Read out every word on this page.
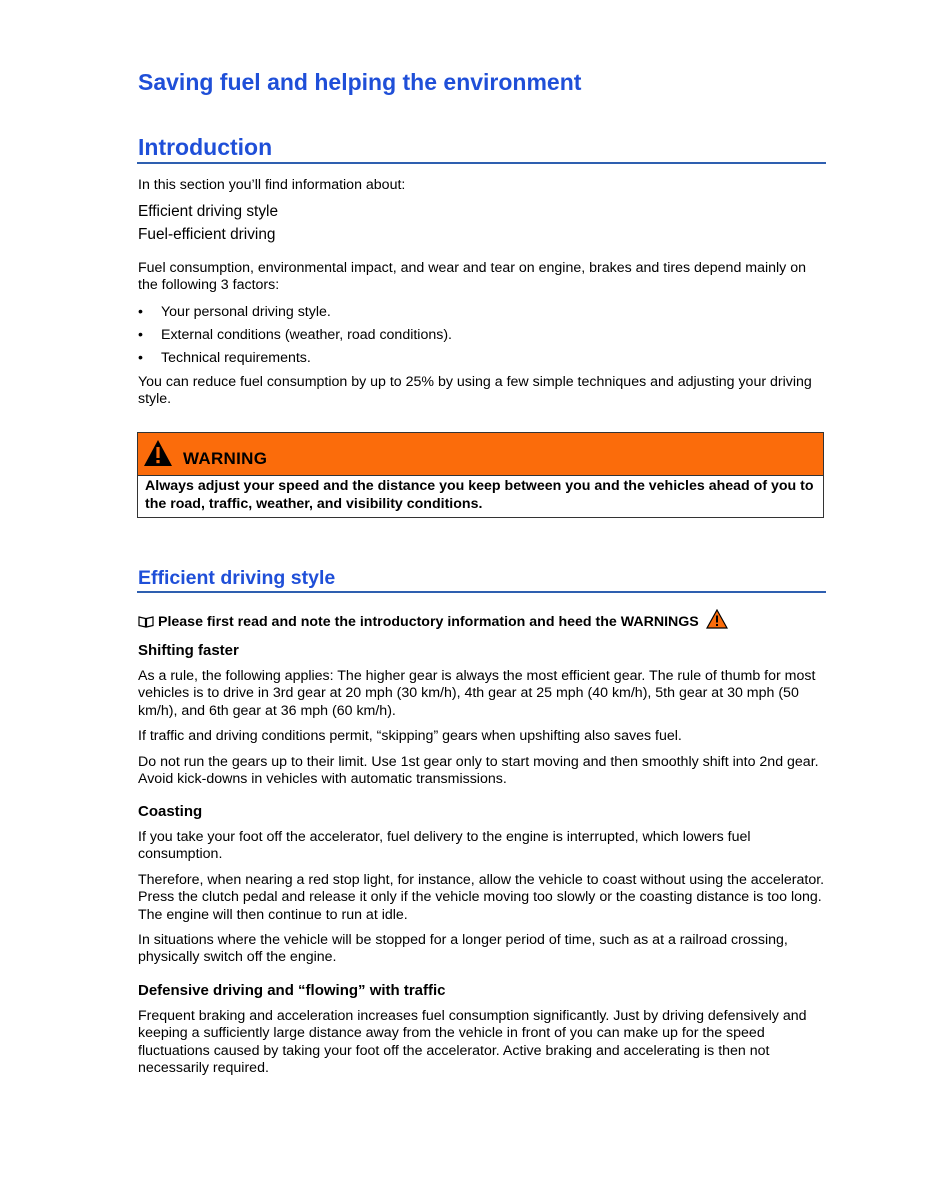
Saving fuel and helping the environment
Introduction
In this section you’ll find information about:
Efficient driving style
Fuel-efficient driving
Fuel consumption, environmental impact, and wear and tear on engine, brakes and tires depend mainly on the following 3 factors:
• Your personal driving style.
• External conditions (weather, road conditions).
• Technical requirements.
You can reduce fuel consumption by up to 25% by using a few simple techniques and adjusting your driving style.
WARNING
Always adjust your speed and the distance you keep between you and the vehicles ahead of you to the road, traffic, weather, and visibility conditions.
Efficient driving style
Please first read and note the introductory information and heed the WARNINGS
Shifting faster
As a rule, the following applies: The higher gear is always the most efficient gear. The rule of thumb for most vehicles is to drive in 3rd gear at 20 mph (30 km/h), 4th gear at 25 mph (40 km/h), 5th gear at 30 mph (50 km/h), and 6th gear at 36 mph (60 km/h).
If traffic and driving conditions permit, “skipping” gears when upshifting also saves fuel.
Do not run the gears up to their limit. Use 1st gear only to start moving and then smoothly shift into 2nd gear. Avoid kick-downs in vehicles with automatic transmissions.
Coasting
If you take your foot off the accelerator, fuel delivery to the engine is interrupted, which lowers fuel consumption.
Therefore, when nearing a red stop light, for instance, allow the vehicle to coast without using the accelerator. Press the clutch pedal and release it only if the vehicle moving too slowly or the coasting distance is too long. The engine will then continue to run at idle.
In situations where the vehicle will be stopped for a longer period of time, such as at a railroad crossing, physically switch off the engine.
Defensive driving and “flowing” with traffic
Frequent braking and acceleration increases fuel consumption significantly. Just by driving defensively and keeping a sufficiently large distance away from the vehicle in front of you can make up for the speed fluctuations caused by taking your foot off the accelerator. Active braking and accelerating is then not necessarily required.
